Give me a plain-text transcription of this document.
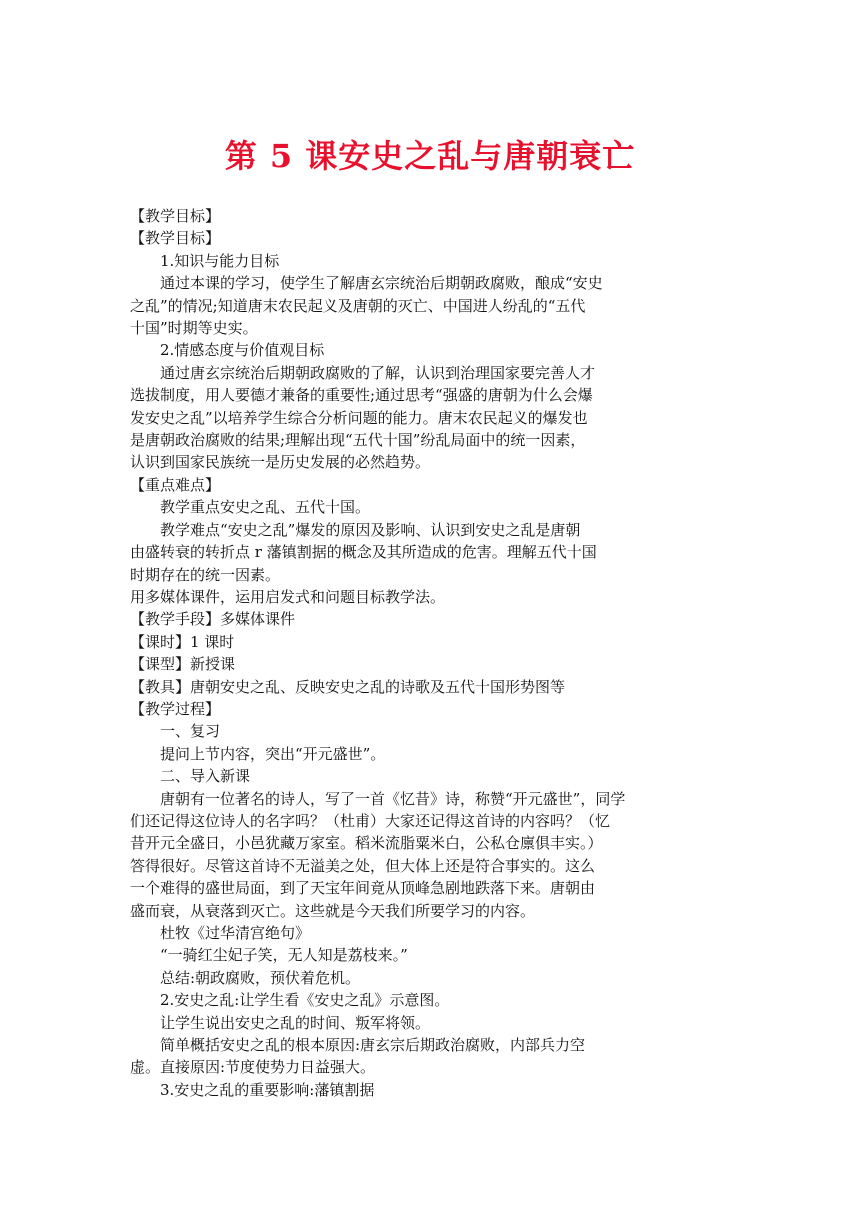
第 5 课安史之乱与唐朝衰亡
【教学目标】
【教学目标】
1.知识与能力目标
通过本课的学习，使学生了解唐玄宗统治后期朝政腐败，酿成“安史
之乱”的情况;知道唐末农民起义及唐朝的灭亡、中国进人纷乱的“五代
十国”时期等史实。
2.情感态度与价值观目标
通过唐玄宗统治后期朝政腐败的了解，认识到治理国家要完善人才
选拔制度，用人要德才兼备的重要性;通过思考“强盛的唐朝为什么会爆
发安史之乱”以培养学生综合分析问题的能力。唐末农民起义的爆发也
是唐朝政治腐败的结果;理解出现“五代十国”纷乱局面中的统一因素，
认识到国家民族统一是历史发展的必然趋势。
【重点难点】
教学重点安史之乱、五代十国。
教学难点“安史之乱”爆发的原因及影响、认识到安史之乱是唐朝
由盛转衰的转折点 r 藩镇割据的概念及其所造成的危害。理解五代十国
时期存在的统一因素。
用多媒体课件，运用启发式和问题目标教学法。
【教学手段】多媒体课件
【课时】1 课时
【课型】新授课
【教具】唐朝安史之乱、反映安史之乱的诗歌及五代十国形势图等
【教学过程】
一、复习
提问上节内容，突出“开元盛世”。
二、导入新课
唐朝有一位著名的诗人，写了一首《忆昔》诗，称赞“开元盛世”，同学
们还记得这位诗人的名字吗？（杜甫）大家还记得这首诗的内容吗？（忆
昔开元全盛日，小邑犹藏万家室。稻米流脂粟米白，公私仓廪俱丰实。）
答得很好。尽管这首诗不无溢美之处，但大体上还是符合事实的。这么
一个难得的盛世局面，到了天宝年间竟从顶峰急剧地跌落下来。唐朝由
盛而衰，从衰落到灭亡。这些就是今天我们所要学习的内容。
杜牧《过华清宫绝句》
“一骑红尘妃子笑，无人知是荔枝来。”
总结:朝政腐败，预伏着危机。
2.安史之乱:让学生看《安史之乱》示意图。
让学生说出安史之乱的时间、叛军将领。
简单概括安史之乱的根本原因:唐玄宗后期政治腐败，内部兵力空
虚。直接原因:节度使势力日益强大。
3.安史之乱的重要影响:藩镇割据
